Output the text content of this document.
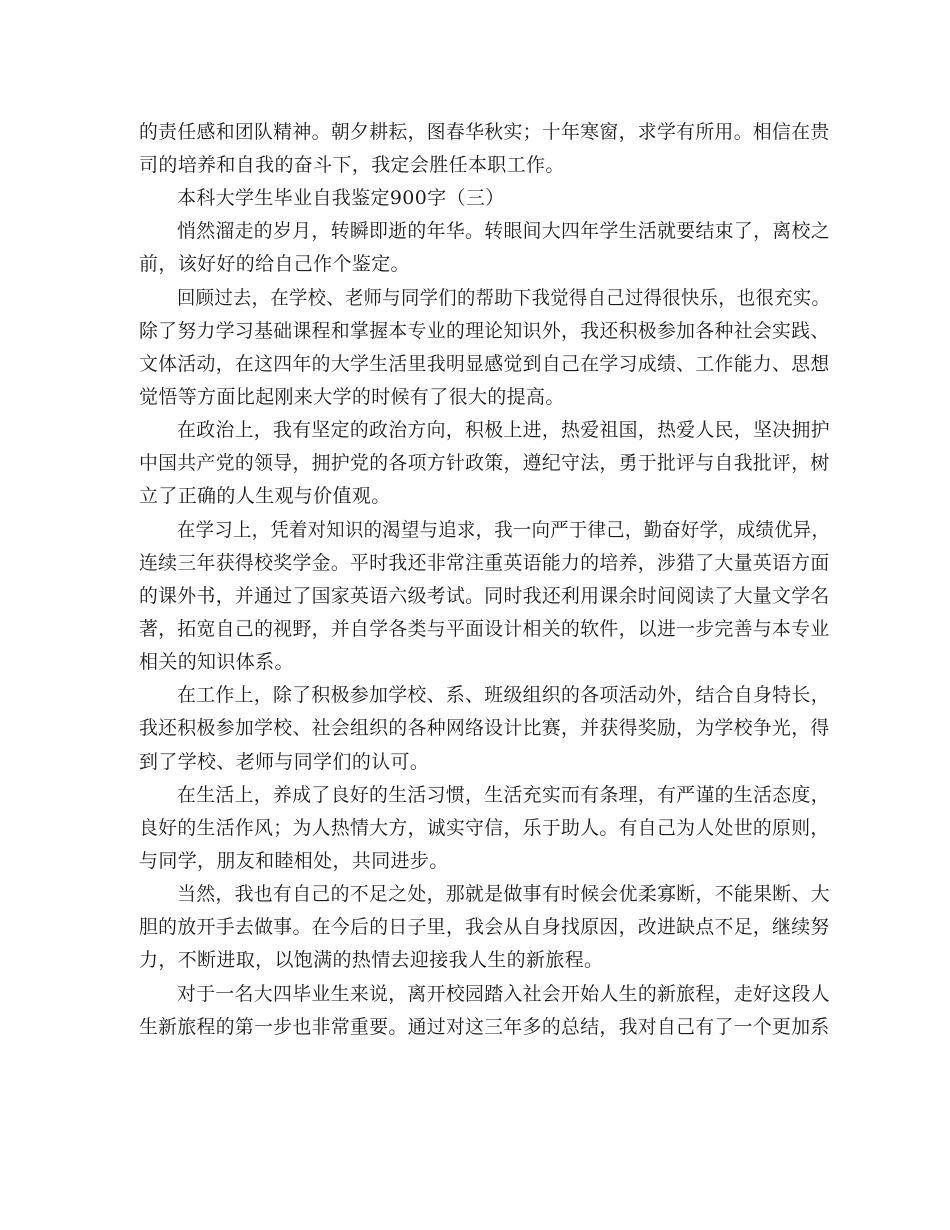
的责任感和团队精神。朝夕耕耘，图春华秋实；十年寒窗，求学有所用。相信在贵
司的培养和自我的奋斗下，我定会胜任本职工作。
本科大学生毕业自我鉴定900字（三）
悄然溜走的岁月，转瞬即逝的年华。转眼间大四年学生活就要结束了，离校之
前，该好好的给自己作个鉴定。
回顾过去，在学校、老师与同学们的帮助下我觉得自己过得很快乐，也很充实。
除了努力学习基础课程和掌握本专业的理论知识外，我还积极参加各种社会实践、
文体活动，在这四年的大学生活里我明显感觉到自己在学习成绩、工作能力、思想
觉悟等方面比起刚来大学的时候有了很大的提高。
在政治上，我有坚定的政治方向，积极上进，热爱祖国，热爱人民，坚决拥护
中国共产党的领导，拥护党的各项方针政策，遵纪守法，勇于批评与自我批评，树
立了正确的人生观与价值观。
在学习上，凭着对知识的渴望与追求，我一向严于律己，勤奋好学，成绩优异，
连续三年获得校奖学金。平时我还非常注重英语能力的培养，涉猎了大量英语方面
的课外书，并通过了国家英语六级考试。同时我还利用课余时间阅读了大量文学名
著，拓宽自己的视野，并自学各类与平面设计相关的软件，以进一步完善与本专业
相关的知识体系。
在工作上，除了积极参加学校、系、班级组织的各项活动外，结合自身特长，
我还积极参加学校、社会组织的各种网络设计比赛，并获得奖励，为学校争光，得
到了学校、老师与同学们的认可。
在生活上，养成了良好的生活习惯，生活充实而有条理，有严谨的生活态度，
良好的生活作风；为人热情大方，诚实守信，乐于助人。有自己为人处世的原则，
与同学，朋友和睦相处，共同进步。
当然，我也有自己的不足之处，那就是做事有时候会优柔寡断，不能果断、大
胆的放开手去做事。在今后的日子里，我会从自身找原因，改进缺点不足，继续努
力，不断进取，以饱满的热情去迎接我人生的新旅程。
对于一名大四毕业生来说，离开校园踏入社会开始人生的新旅程，走好这段人
生新旅程的第一步也非常重要。通过对这三年多的总结，我对自己有了一个更加系
